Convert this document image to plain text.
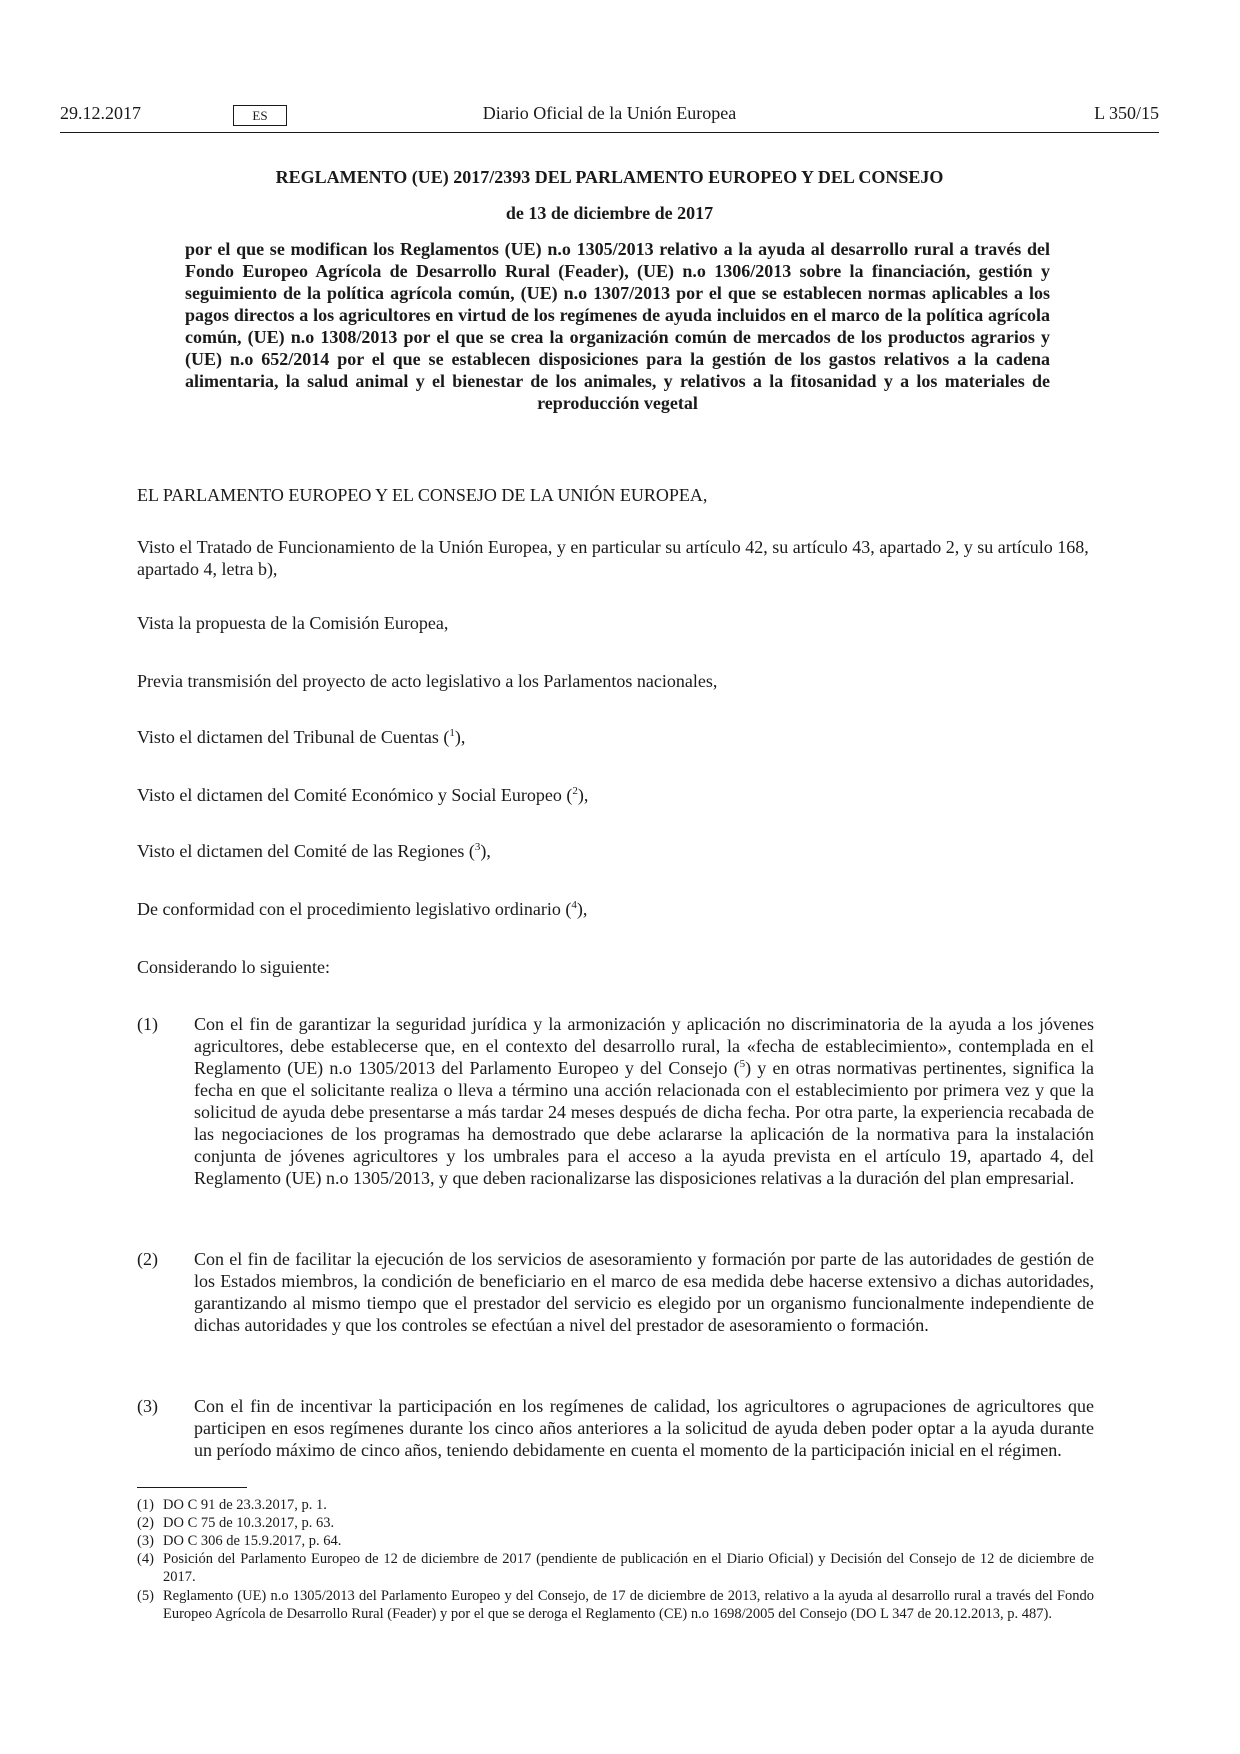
Diario Oficial de la Unión Europea
29.12.2017	ES	L 350/15
REGLAMENTO (UE) 2017/2393 DEL PARLAMENTO EUROPEO Y DEL CONSEJO
de 13 de diciembre de 2017
por el que se modifican los Reglamentos (UE) n.o 1305/2013 relativo a la ayuda al desarrollo rural a través del Fondo Europeo Agrícola de Desarrollo Rural (Feader), (UE) n.o 1306/2013 sobre la financiación, gestión y seguimiento de la política agrícola común, (UE) n.o 1307/2013 por el que se establecen normas aplicables a los pagos directos a los agricultores en virtud de los regímenes de ayuda incluidos en el marco de la política agrícola común, (UE) n.o 1308/2013 por el que se crea la organización común de mercados de los productos agrarios y (UE) n.o 652/2014 por el que se establecen disposiciones para la gestión de los gastos relativos a la cadena alimentaria, la salud animal y el bienestar de los animales, y relativos a la fitosanidad y a los materiales de reproducción vegetal
EL PARLAMENTO EUROPEO Y EL CONSEJO DE LA UNIÓN EUROPEA,
Visto el Tratado de Funcionamiento de la Unión Europea, y en particular su artículo 42, su artículo 43, apartado 2, y su artículo 168, apartado 4, letra b),
Vista la propuesta de la Comisión Europea,
Previa transmisión del proyecto de acto legislativo a los Parlamentos nacionales,
Visto el dictamen del Tribunal de Cuentas ($^1$),
Visto el dictamen del Comité Económico y Social Europeo ($^2$),
Visto el dictamen del Comité de las Regiones ($^3$),
De conformidad con el procedimiento legislativo ordinario ($^4$),
Considerando lo siguiente:
(1) Con el fin de garantizar la seguridad jurídica y la armonización y aplicación no discriminatoria de la ayuda a los jóvenes agricultores, debe establecerse que, en el contexto del desarrollo rural, la «fecha de establecimiento», contemplada en el Reglamento (UE) n.o 1305/2013 del Parlamento Europeo y del Consejo ($^5$) y en otras normativas pertinentes, significa la fecha en que el solicitante realiza o lleva a término una acción relacionada con el establecimiento por primera vez y que la solicitud de ayuda debe presentarse a más tardar 24 meses después de dicha fecha. Por otra parte, la experiencia recabada de las negociaciones de los programas ha demostrado que debe aclararse la aplicación de la normativa para la instalación conjunta de jóvenes agricultores y los umbrales para el acceso a la ayuda prevista en el artículo 19, apartado 4, del Reglamento (UE) n.o 1305/2013, y que deben racionalizarse las disposiciones relativas a la duración del plan empresarial.
(2) Con el fin de facilitar la ejecución de los servicios de asesoramiento y formación por parte de las autoridades de gestión de los Estados miembros, la condición de beneficiario en el marco de esa medida debe hacerse extensivo a dichas autoridades, garantizando al mismo tiempo que el prestador del servicio es elegido por un organismo funcionalmente independiente de dichas autoridades y que los controles se efectúan a nivel del prestador de asesoramiento o formación.
(3) Con el fin de incentivar la participación en los regímenes de calidad, los agricultores o agrupaciones de agricultores que participen en esos regímenes durante los cinco años anteriores a la solicitud de ayuda deben poder optar a la ayuda durante un período máximo de cinco años, teniendo debidamente en cuenta el momento de la participación inicial en el régimen.
(1) DO C 91 de 23.3.2017, p. 1.
(2) DO C 75 de 10.3.2017, p. 63.
(3) DO C 306 de 15.9.2017, p. 64.
(4) Posición del Parlamento Europeo de 12 de diciembre de 2017 (pendiente de publicación en el Diario Oficial) y Decisión del Consejo de 12 de diciembre de 2017.
(5) Reglamento (UE) n.o 1305/2013 del Parlamento Europeo y del Consejo, de 17 de diciembre de 2013, relativo a la ayuda al desarrollo rural a través del Fondo Europeo Agrícola de Desarrollo Rural (Feader) y por el que se deroga el Reglamento (CE) n.o 1698/2005 del Consejo (DO L 347 de 20.12.2013, p. 487).
